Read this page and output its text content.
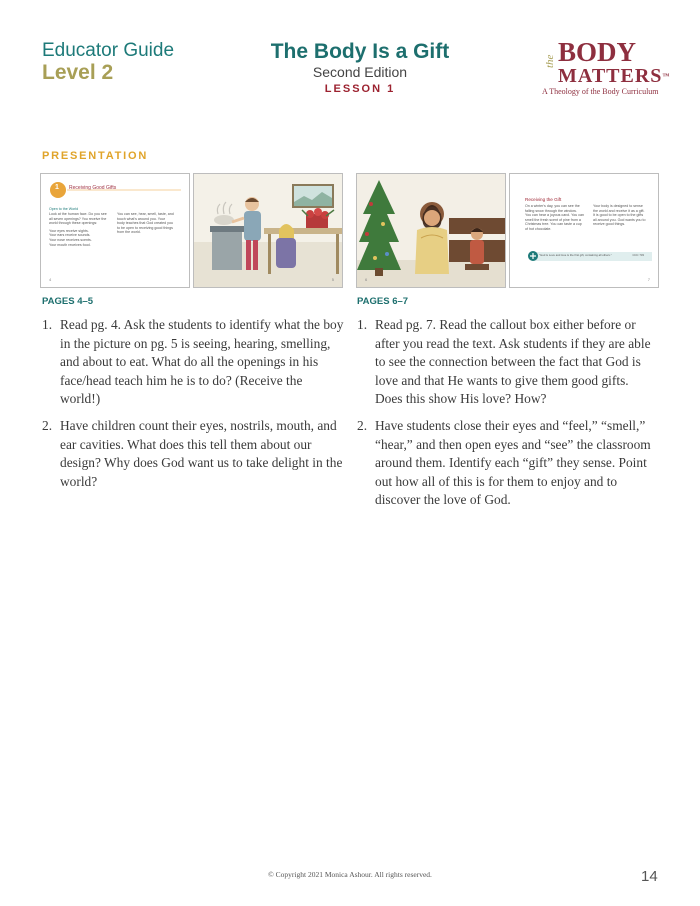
Educator Guide
Level 2
The Body Is a Gift
Second Edition
LESSON 1
the BODY
MATTERS™
A Theology of the Body Curriculum
PRESENTATION
1 Receiving Good Gifts
Open to the World
Look at the human face. Do you see
all seven openings? You receive the
world through these openings:
Your eyes receive sights.
Your ears receive sounds.
Your nose receives scents.
Your mouth receives food.
You can see, hear, smell, taste, and
touch what's around you. Your
body teaches that God created you
to be open to receiving good things
from the world.
4	5	6
Receiving the Gift
On a winter's day, you can see the
falling snow through the window.
You can hear a joyous carol. You can
smell the fresh scent of pine from a
Christmas tree. You can taste a cup
of hot chocolate.
Your body is designed to sense
the world and receive it as a gift.
It is good to be open to the gifts
all around you. God wants you to
receive good things.
"God is Love and love is the first gift, containing all others."	CCC 733
7
PAGES 4–5	PAGES 6–7
1. Read pg. 4. Ask the students to identify what the boy in the picture on pg. 5 is seeing, hearing, smelling, and about to eat. What do all the openings in his face/head teach him he is to do? (Receive the world!)
2. Have children count their eyes, nostrils, mouth, and ear cavities. What does this tell them about our design? Why does God want us to take delight in the world?
1. Read pg. 7. Read the callout box either before or after you read the text. Ask students if they are able to see the connection between the fact that God is love and that He wants to give them good gifts. Does this show His love? How?
2. Have students close their eyes and “feel,” “smell,” “hear,” and then open eyes and “see” the classroom around them. Identify each “gift” they sense. Point out how all of this is for them to enjoy and to discover the love of God.
© Copyright 2021 Monica Ashour. All rights reserved.	14
